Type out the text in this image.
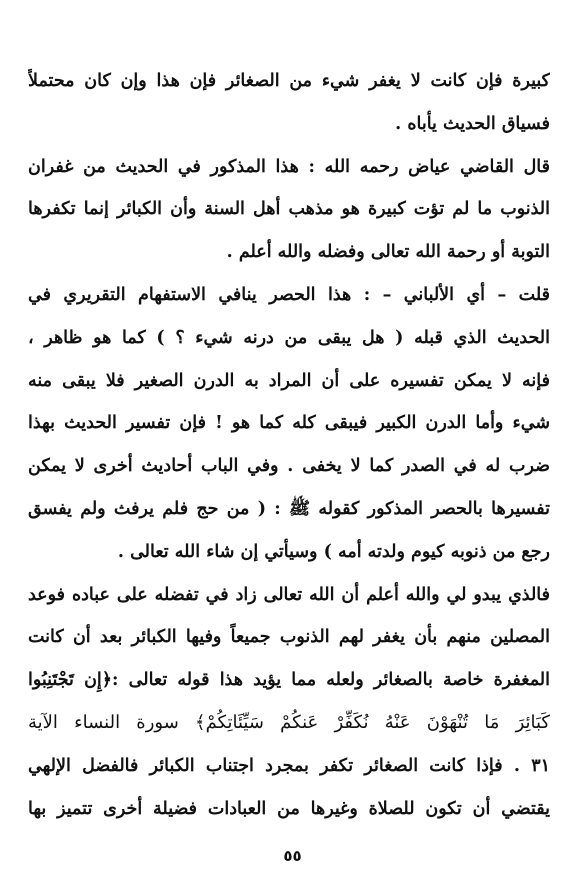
كبيرة فإن كانت لا يغفر شيء من الصغائر فإن هذا وإن كان محتملاً
فسياق الحديث يأباه .
قال القاضي عياض رحمه الله : هذا المذكور في الحديث من غفران
الذنوب ما لم تؤت كبيرة هو مذهب أهل السنة وأن الكبائر إنما تكفرها
التوبة أو رحمة الله تعالى وفضله والله أعلم .
قلت – أي الألباني – : هذا الحصر ينافي الاستفهام التقريري في
الحديث الذي قبله ( هل يبقى من درنه شيء ؟ ) كما هو ظاهر ،
فإنه لا يمكن تفسيره على أن المراد به الدرن الصغير فلا يبقى منه
شيء وأما الدرن الكبير فيبقى كله كما هو ! فإن تفسير الحديث بهذا
ضرب له في الصدر كما لا يخفى . وفي الباب أحاديث أخرى لا يمكن
تفسيرها بالحصر المذكور كقوله ﷺ : ( من حج فلم يرفث ولم يفسق
رجع من ذنوبه كيوم ولدته أمه ) وسيأتي إن شاء الله تعالى .
فالذي يبدو لي والله أعلم أن الله تعالى زاد في تفضله على عباده فوعد
المصلين منهم بأن يغفر لهم الذنوب جميعاً وفيها الكبائر بعد أن كانت
المغفرة خاصة بالصغائر ولعله مما يؤيد هذا قوله تعالى :﴿إِن تَجْتَنِبُوا
كَبَائِرَ مَا تُنْهَوْنَ عَنْهُ نُكَفِّرْ عَنكُمْ سَيِّئَاتِكُمْ﴾ سورة النساء الآية
٣١ . فإذا كانت الصغائر تكفر بمجرد اجتناب الكبائر فالفضل الإلهي
يقتضي أن تكون للصلاة وغيرها من العبادات فضيلة أخرى تتميز بها
٥٥
